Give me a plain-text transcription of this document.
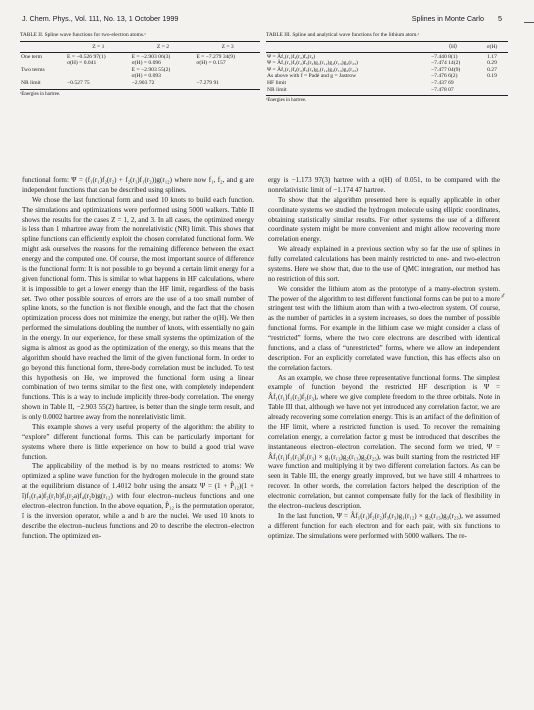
J. Chem. Phys., Vol. 111, No. 13, 1 October 1999	Splines in Monte Carlo 5
TABLE II. Spline wave functions for two-electron atoms.ᵃ
	Z = 1	Z = 2	Z = 3

One term	E = −0.526 97(1)	E = −2.903 06(3)	E = −7.279 34(9)
	σ(H) = 0.041	σ(H) = 0.096	σ(H) = 0.157
Two terms		E = −2.903 55(2)	
		σ(H) = 0.093	
NR limit	−0.527 75	−2.903 72	−7.279 91
ᵃEnergies in hartree.
TABLE III. Spline and analytical wave functions for the lithium atom.ᵃ
	⟨H⟩	σ(H)

Ψ = Âf₁(r₁)f₂(r₂)f₃(r₃)	−7.440 8(1)	1.17
Ψ = Âf₁(r₁)f₂(r₂)f₃(r₃)g₁(r₁₂)g₂(r₁₃)g₂(r₂₃)	−7.474 14(2)	0.29
Ψ = Âf₁(r₁)f₂(r₂)f₃(r₃)g₁(r₁₂)g₂(r₁₃)g₂(r₂₃)	−7.477 04(9)	0.27
As above with f = Padé and g = Jastrow	−7.476 6(2)	0.19
HF limit	−7.437 69	
NR limit	−7.478 07	
ᵃEnergies in hartree.

functional form: Ψ = (f₁(r₁)f₂(r₂) + f₂(r₁)f₁(r₂))g(r₁₂) where now f₁, f₂, and g are independent functions that can be described using splines.

We chose the last functional form and used 10 knots to build each function. The simulations and optimizations were performed using 5000 walkers. Table II shows the results for the cases Z = 1, 2, and 3. In all cases, the optimized energy is less than 1 mhartree away from the nonrelativistic (NR) limit. This shows that spline functions can efficiently exploit the chosen correlated functional form. We might ask ourselves the reasons for the remaining difference between the exact energy and the computed one. Of course, the most important source of difference is the functional form: It is not possible to go beyond a certain limit energy for a given functional form. This is similar to what happens in HF calculations, where it is impossible to get a lower energy than the HF limit, regardless of the basis set. Two other possible sources of errors are the use of a too small number of spline knots, so the function is not flexible enough, and the fact that the chosen optimization process does not minimize the energy, but rather the σ(H). We then performed the simulations doubling the number of knots, with essentially no gain in the energy. In our experience, for these small systems the optimization of the sigma is almost as good as the optimization of the energy, so this means that the algorithm should have reached the limit of the given functional form. In order to go beyond this functional form, three-body correlation must be included. To test this hypothesis on He, we improved the functional form using a linear combination of two terms similar to the first one, with completely independent functions. This is a way to include implicitly three-body correlation. The energy shown in Table II, −2.903 55(2) hartree, is better than the single term result, and is only 0.0002 hartree away from the nonrelativistic limit.

This example shows a very useful property of the algorithm: the ability to “explore” different functional forms. This can be particularly important for systems where there is little experience on how to build a good trial wave function.

The applicability of the method is by no means restricted to atoms: We optimized a spline wave function for the hydrogen molecule in the ground state at the equilibrium distance of 1.4012 bohr using the ansatz Ψ = (1 + P̂₁₂)(1 + î)f₁(r₁a)f₂(r₁b)f₃(r₂a)f₄(r₂b)g(r₁₂) with four electron–nucleus functions and one electron–electron function. In the above equation, P̂₁₂ is the permutation operator, î is the inversion operator, while a and b are the nuclei. We used 10 knots to describe the electron–nucleus functions and 20 to describe the electron–electron function. The optimized en-

ergy is −1.173 97(3) hartree with a σ(H) of 0.051, to be compared with the nonrelativistic limit of −1.174 47 hartree.

To show that the algorithm presented here is equally applicable in other coordinate systems we studied the hydrogen molecule using elliptic coordinates, obtaining statistically similar results. For other systems the use of a different coordinate system might be more convenient and might allow recovering more correlation energy.

We already explained in a previous section why so far the use of splines in fully correlated calculations has been mainly restricted to one- and two-electron systems. Here we show that, due to the use of QMC integration, our method has no restriction of this sort.

We consider the lithium atom as the prototype of a many-electron system. The power of the algorithm to test different functional forms can be put to a more stringent test with the lithium atom than with a two-electron system. Of course, as the number of particles in a system increases, so does the number of possible functional forms. For example in the lithium case we might consider a class of “restricted” forms, where the two core electrons are described with identical functions, and a class of “unrestricted” forms, where we allow an independent description. For an explicitly correlated wave function, this has effects also on the correlation factors.

As an example, we chose three representative functional forms. The simplest example of function beyond the restricted HF description is Ψ = Âf₁(r₁)f₁(r₂)f₂(r₃), where we give complete freedom to the three orbitals. Note in Table III that, although we have not yet introduced any correlation factor, we are already recovering some correlation energy. This is an artifact of the definition of the HF limit, where a restricted function is used. To recover the remaining correlation energy, a correlation factor g must be introduced that describes the instantaneous electron–electron correlation. The second form we tried, Ψ = Âf₁(r₁)f₁(r₂)f₂(r₃) × g₁(r₁₃)g₂(r₁₃)g₂(r₂₃), was built starting from the restricted HF wave function and multiplying it by two different correlation factors. As can be seen in Table III, the energy greatly improved, but we have still 4 mhartrees to recover. In other words, the correlation factors helped the description of the electronic correlation, but cannot compensate fully for the lack of flexibility in the electron–nucleus description.

In the last function, Ψ = Âf₁(r₁)f₂(r₂)f₃(r₃)g₁(r₁₂) × g₂(r₁₃)g₃(r₂₃), we assumed a different function for each electron and for each pair, with six functions to optimize. The simulations were performed with 5000 walkers. The re-

⸙
